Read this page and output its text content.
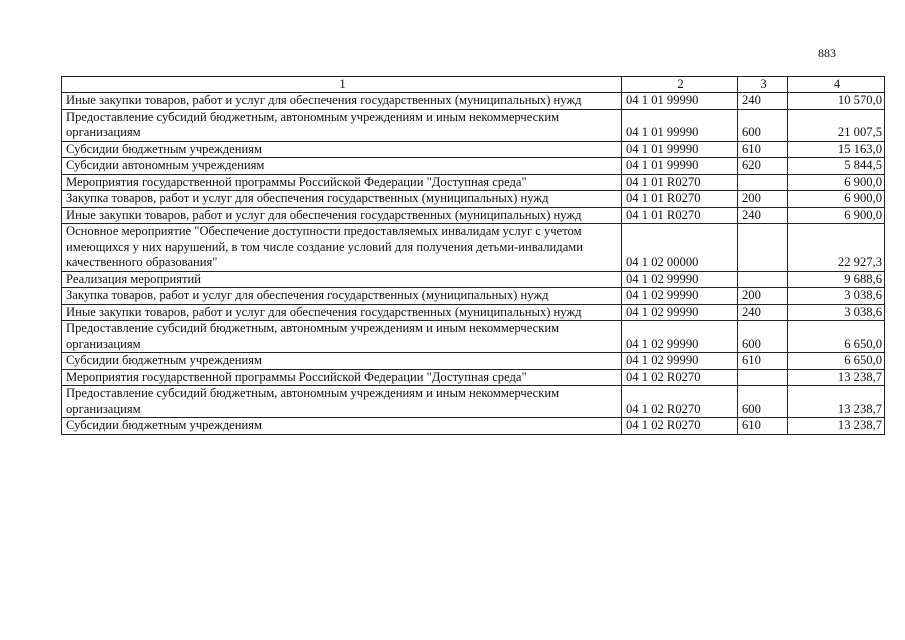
883
1	2	3	4
Иные закупки товаров, работ и услуг для обеспечения государственных (муниципальных) нужд	04 1 01 99990	240	10 570,0
Предоставление субсидий бюджетным, автономным учреждениям и иным некоммерческим организациям	04 1 01 99990	600	21 007,5
Субсидии бюджетным учреждениям	04 1 01 99990	610	15 163,0
Субсидии автономным учреждениям	04 1 01 99990	620	5 844,5
Мероприятия государственной программы Российской Федерации "Доступная среда"	04 1 01 R0270		6 900,0
Закупка товаров, работ и услуг для обеспечения государственных (муниципальных) нужд	04 1 01 R0270	200	6 900,0
Иные закупки товаров, работ и услуг для обеспечения государственных (муниципальных) нужд	04 1 01 R0270	240	6 900,0
Основное мероприятие "Обеспечение доступности предоставляемых инвалидам услуг с учетом имеющихся у них нарушений, в том числе создание условий для получения детьми-инвалидами качественного образования"	04 1 02 00000		22 927,3
Реализация мероприятий	04 1 02 99990		9 688,6
Закупка товаров, работ и услуг для обеспечения государственных (муниципальных) нужд	04 1 02 99990	200	3 038,6
Иные закупки товаров, работ и услуг для обеспечения государственных (муниципальных) нужд	04 1 02 99990	240	3 038,6
Предоставление субсидий бюджетным, автономным учреждениям и иным некоммерческим организациям	04 1 02 99990	600	6 650,0
Субсидии бюджетным учреждениям	04 1 02 99990	610	6 650,0
Мероприятия государственной программы Российской Федерации "Доступная среда"	04 1 02 R0270		13 238,7
Предоставление субсидий бюджетным, автономным учреждениям и иным некоммерческим организациям	04 1 02 R0270	600	13 238,7
Субсидии бюджетным учреждениям	04 1 02 R0270	610	13 238,7
